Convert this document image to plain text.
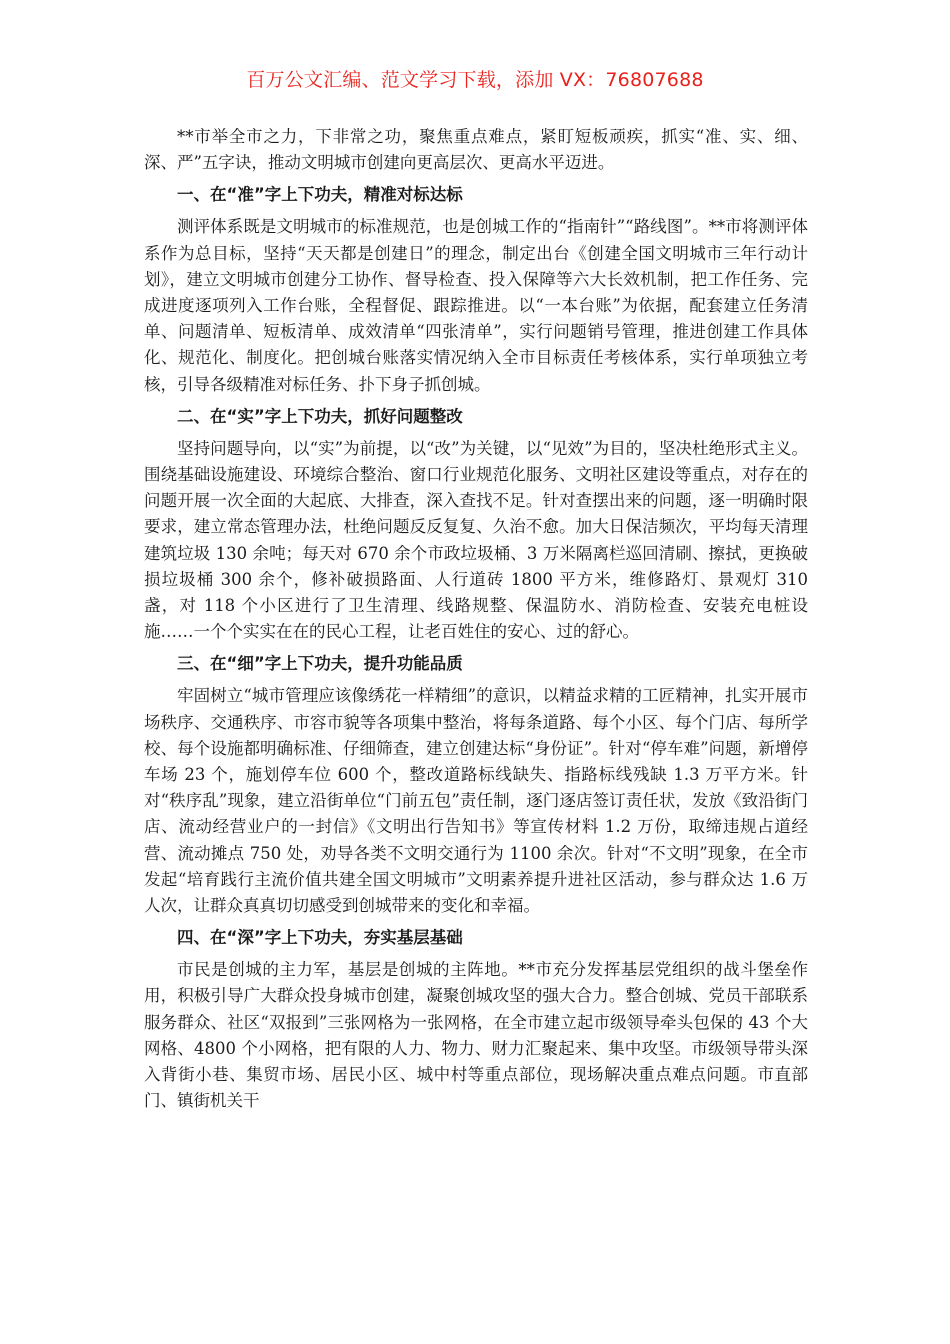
百万公文汇编、范文学习下载，添加 VX：76807688

**市举全市之力，下非常之功，聚焦重点难点，紧盯短板顽疾，抓实“准、实、细、深、严”五字诀，推动文明城市创建向更高层次、更高水平迈进。

一、在“准”字上下功夫，精准对标达标

测评体系既是文明城市的标准规范，也是创城工作的“指南针”“路线图”。**市将测评体系作为总目标，坚持“天天都是创建日”的理念，制定出台《创建全国文明城市三年行动计划》，建立文明城市创建分工协作、督导检查、投入保障等六大长效机制，把工作任务、完成进度逐项列入工作台账，全程督促、跟踪推进。以“一本台账”为依据，配套建立任务清单、问题清单、短板清单、成效清单“四张清单”，实行问题销号管理，推进创建工作具体化、规范化、制度化。把创城台账落实情况纳入全市目标责任考核体系，实行单项独立考核，引导各级精准对标任务、扑下身子抓创城。

二、在“实”字上下功夫，抓好问题整改

坚持问题导向，以“实”为前提，以“改”为关键，以“见效”为目的，坚决杜绝形式主义。围绕基础设施建设、环境综合整治、窗口行业规范化服务、文明社区建设等重点，对存在的问题开展一次全面的大起底、大排查，深入查找不足。针对查摆出来的问题，逐一明确时限要求，建立常态管理办法，杜绝问题反反复复、久治不愈。加大日保洁频次，平均每天清理建筑垃圾 130 余吨；每天对 670 余个市政垃圾桶、3 万米隔离栏巡回清刷、擦拭，更换破损垃圾桶 300 余个，修补破损路面、人行道砖 1800 平方米，维修路灯、景观灯 310 盏，对 118 个小区进行了卫生清理、线路规整、保温防水、消防检查、安装充电桩设施……一个个实实在在的民心工程，让老百姓住的安心、过的舒心。

三、在“细”字上下功夫，提升功能品质

牢固树立“城市管理应该像绣花一样精细”的意识，以精益求精的工匠精神，扎实开展市场秩序、交通秩序、市容市貌等各项集中整治，将每条道路、每个小区、每个门店、每所学校、每个设施都明确标准、仔细筛查，建立创建达标“身份证”。针对“停车难”问题，新增停车场 23 个，施划停车位 600 个，整改道路标线缺失、指路标线残缺 1.3 万平方米。针对“秩序乱”现象，建立沿街单位“门前五包”责任制，逐门逐店签订责任状，发放《致沿街门店、流动经营业户的一封信》《文明出行告知书》等宣传材料 1.2 万份，取缔违规占道经营、流动摊点 750 处，劝导各类不文明交通行为 1100 余次。针对“不文明”现象，在全市发起“培育践行主流价值共建全国文明城市”文明素养提升进社区活动，参与群众达 1.6 万人次，让群众真真切切感受到创城带来的变化和幸福。

四、在“深”字上下功夫，夯实基层基础

市民是创城的主力军，基层是创城的主阵地。**市充分发挥基层党组织的战斗堡垒作用，积极引导广大群众投身城市创建，凝聚创城攻坚的强大合力。整合创城、党员干部联系服务群众、社区“双报到”三张网格为一张网格，在全市建立起市级领导牵头包保的 43 个大网格、4800 个小网格，把有限的人力、物力、财力汇聚起来、集中攻坚。市级领导带头深入背街小巷、集贸市场、居民小区、城中村等重点部位，现场解决重点难点问题。市直部门、镇街机关干
